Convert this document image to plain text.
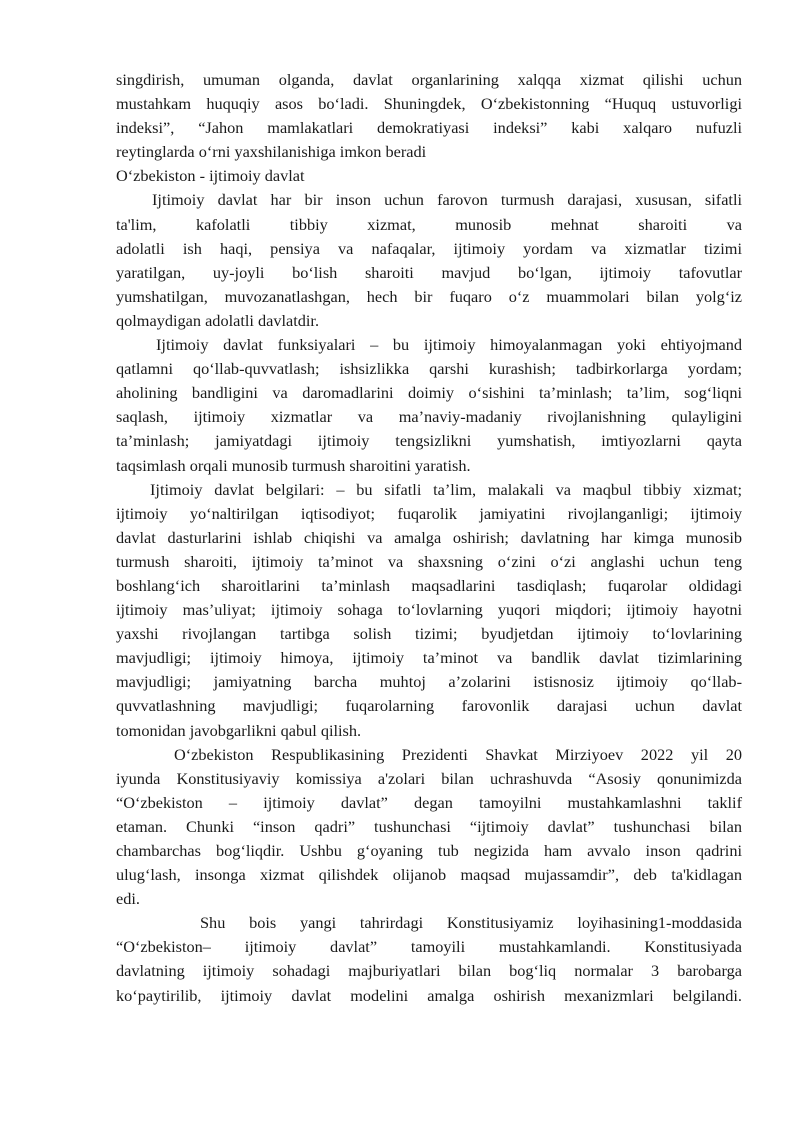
singdirish, umuman olganda, davlat organlarining xalqqa xizmat qilishi uchun
mustahkam huquqiy asos bo‘ladi. Shuningdek, O‘zbekistonning “Huquq ustuvorligi
indeksi”, “Jahon mamlakatlari demokratiyasi indeksi” kabi xalqaro nufuzli
reytinglarda o‘rni yaxshilanishiga imkon beradi
O‘zbekiston - ijtimoiy davlat
Ijtimoiy davlat har bir inson uchun farovon turmush darajasi, xususan, sifatli
ta'lim, kafolatli tibbiy xizmat, munosib mehnat sharoiti va
adolatli ish haqi, pensiya va nafaqalar, ijtimoiy yordam va xizmatlar tizimi
yaratilgan, uy-joyli bo‘lish sharoiti mavjud bo‘lgan, ijtimoiy tafovutlar
yumshatilgan, muvozanatlashgan, hech bir fuqaro o‘z muammolari bilan yolg‘iz
qolmaydigan adolatli davlatdir.
Ijtimoiy davlat funksiyalari – bu ijtimoiy himoyalanmagan yoki ehtiyojmand
qatlamni qo‘llab-quvvatlash; ishsizlikka qarshi kurashish; tadbirkorlarga yordam;
aholining bandligini va daromadlarini doimiy o‘sishini ta’minlash; ta’lim, sog‘liqni
saqlash, ijtimoiy xizmatlar va ma’naviy-madaniy rivojlanishning qulayligini
ta’minlash; jamiyatdagi ijtimoiy tengsizlikni yumshatish, imtiyozlarni qayta
taqsimlash orqali munosib turmush sharoitini yaratish.
Ijtimoiy davlat belgilari: – bu sifatli ta’lim, malakali va maqbul tibbiy xizmat;
ijtimoiy yo‘naltirilgan iqtisodiyot; fuqarolik jamiyatini rivojlanganligi; ijtimoiy
davlat dasturlarini ishlab chiqishi va amalga oshirish; davlatning har kimga munosib
turmush sharoiti, ijtimoiy ta’minot va shaxsning o‘zini o‘zi anglashi uchun teng
boshlang‘ich sharoitlarini ta’minlash maqsadlarini tasdiqlash; fuqarolar oldidagi
ijtimoiy mas’uliyat; ijtimoiy sohaga to‘lovlarning yuqori miqdori; ijtimoiy hayotni
yaxshi rivojlangan tartibga solish tizimi; byudjetdan ijtimoiy to‘lovlarining
mavjudligi; ijtimoiy himoya, ijtimoiy ta’minot va bandlik davlat tizimlarining
mavjudligi; jamiyatning barcha muhtoj a’zolarini istisnosiz ijtimoiy qo‘llab-
quvvatlashning mavjudligi; fuqarolarning farovonlik darajasi uchun davlat
tomonidan javobgarlikni qabul qilish.
O‘zbekiston Respublikasining Prezidenti Shavkat Mirziyoev 2022 yil 20
iyunda Konstitusiyaviy komissiya a'zolari bilan uchrashuvda “Asosiy qonunimizda
“O‘zbekiston – ijtimoiy davlat” degan tamoyilni mustahkamlashni taklif
etaman. Chunki “inson qadri” tushunchasi “ijtimoiy davlat” tushunchasi bilan
chambarchas bog‘liqdir. Ushbu g‘oyaning tub negizida ham avvalo inson qadrini
ulug‘lash, insonga xizmat qilishdek olijanob maqsad mujassamdir”, deb ta'kidlagan
edi.
Shu bois yangi tahrirdagi Konstitusiyamiz loyihasining1-moddasida
“O‘zbekiston– ijtimoiy davlat” tamoyili mustahkamlandi. Konstitusiyada
davlatning ijtimoiy sohadagi majburiyatlari bilan bog‘liq normalar 3 barobarga
ko‘paytirilib, ijtimoiy davlat modelini amalga oshirish mexanizmlari belgilandi.
